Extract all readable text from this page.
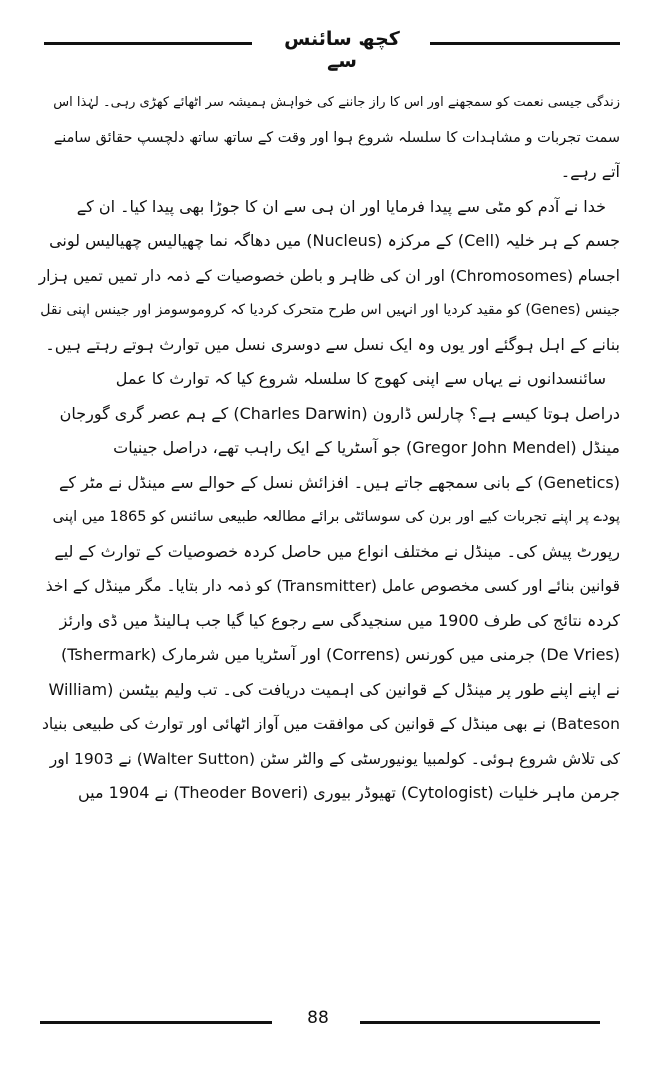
کچھ سائنس سے
زندگی جیسی نعمت کو سمجھنے اور اس کا راز جاننے کی خواہش ہمیشہ سر اٹھائے کھڑی رہی۔ لہٰذا اس
سمت تجربات و مشاہدات کا سلسلہ شروع ہوا اور وقت کے ساتھ ساتھ دلچسپ حقائق سامنے
آتے رہے۔
خدا نے آدم کو مٹی سے پیدا فرمایا اور ان ہی سے ان کا جوڑا بھی پیدا کیا۔ ان کے
جسم کے ہر خلیہ (Cell) کے مرکزہ (Nucleus) میں دھاگہ نما چھیالیس چھیالیس لونی
اجسام (Chromosomes) اور ان کی ظاہر و باطن خصوصیات کے ذمہ دار تمیں تمیں ہزار
جینس (Genes) کو مقید کردیا اور انہیں اس طرح متحرک کردیا کہ کروموسومز اور جینس اپنی نقل
بنانے کے اہل ہوگئے اور یوں وہ ایک نسل سے دوسری نسل میں توارث ہوتے رہتے ہیں۔
سائنسدانوں نے یہاں سے اپنی کھوج کا سلسلہ شروع کیا کہ توارث کا عمل
دراصل ہوتا کیسے ہے؟ چارلس ڈارون (Charles Darwin) کے ہم عصر گری گورجان
مینڈل (Gregor John Mendel) جو آسٹریا کے ایک راہب تھے، دراصل جینیات
(Genetics) کے بانی سمجھے جاتے ہیں۔ افزائش نسل کے حوالے سے مینڈل نے مٹر کے
پودے پر اپنے تجربات کیے اور برن کی سوسائٹی برائے مطالعہ طبیعی سائنس کو 1865 میں اپنی
رپورٹ پیش کی۔ مینڈل نے مختلف انواع میں حاصل کردہ خصوصیات کے توارث کے لیے
قوانین بنائے اور کسی مخصوص عامل (Transmitter) کو ذمہ دار بتایا۔ مگر مینڈل کے اخذ
کردہ نتائج کی طرف 1900 میں سنجیدگی سے رجوع کیا گیا جب ہالینڈ میں ڈی وارئز
(De Vries) جرمنی میں کورنس (Correns) اور آسٹریا میں شرمارک (Tshermark)
نے اپنے اپنے طور پر مینڈل کے قوانین کی اہمیت دریافت کی۔ تب ولیم بیٹسن (William
Bateson) نے بھی مینڈل کے قوانین کی موافقت میں آواز اٹھائی اور توارث کی طبیعی بنیاد
کی تلاش شروع ہوئی۔ کولمبیا یونیورسٹی کے والٹر سٹن (Walter Sutton) نے 1903 اور
جرمن ماہر خلیات (Cytologist) تھیوڈر بیوری (Theoder Boveri) نے 1904 میں
88
